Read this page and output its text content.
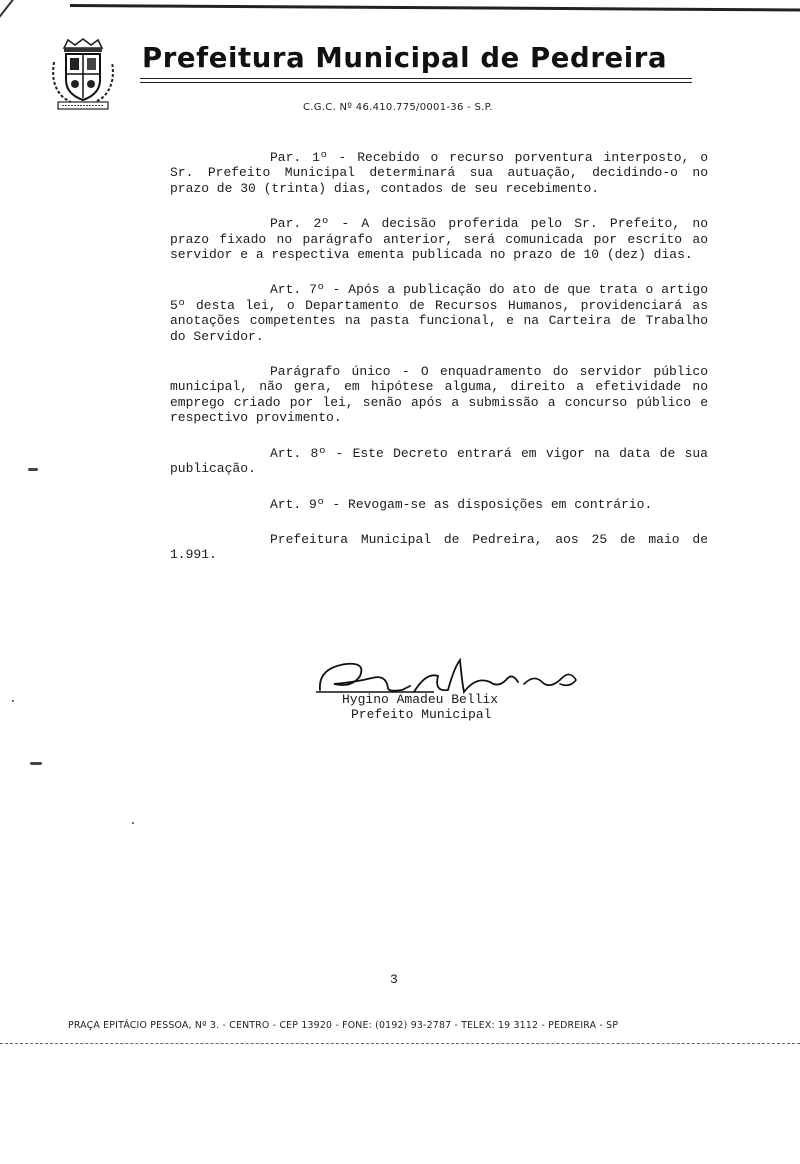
Prefeitura Municipal de Pedreira

C.G.C. Nº 46.410.775/0001-36 - S.P.

Par. 1º - Recebido o recurso porventura interposto, o Sr. Prefeito Municipal determinará sua autuação, decidindo-o no prazo de 30 (trinta) dias, contados de seu recebimento.

Par. 2º - A decisão proferida pelo Sr. Prefeito, no prazo fixado no parágrafo anterior, será comunicada por escrito ao servidor e a respectiva ementa publicada no prazo de 10 (dez) dias.

Art. 7º - Após a publicação do ato de que trata o artigo 5º desta lei, o Departamento de Recursos Humanos, providenciará as anotações competentes na pasta funcional, e na Carteira de Trabalho do Servidor.

Parágrafo único - O enquadramento do servidor público municipal, não gera, em hipótese alguma, direito a efetividade no emprego criado por lei, senão após a submissão a concurso público e respectivo provimento.

Art. 8º - Este Decreto entrará em vigor na data de sua publicação.

Art. 9º - Revogam-se as disposições em contrário.

Prefeitura Municipal de Pedreira, aos 25 de maio de 1.991.

Hygino Amadeu Bellix

Prefeito Municipal

3

PRAÇA EPITÁCIO PESSOA, Nº 3. - CENTRO - CEP 13920 - FONE: (0192) 93-2787 - TELEX: 19 3112 - PEDREIRA - SP
